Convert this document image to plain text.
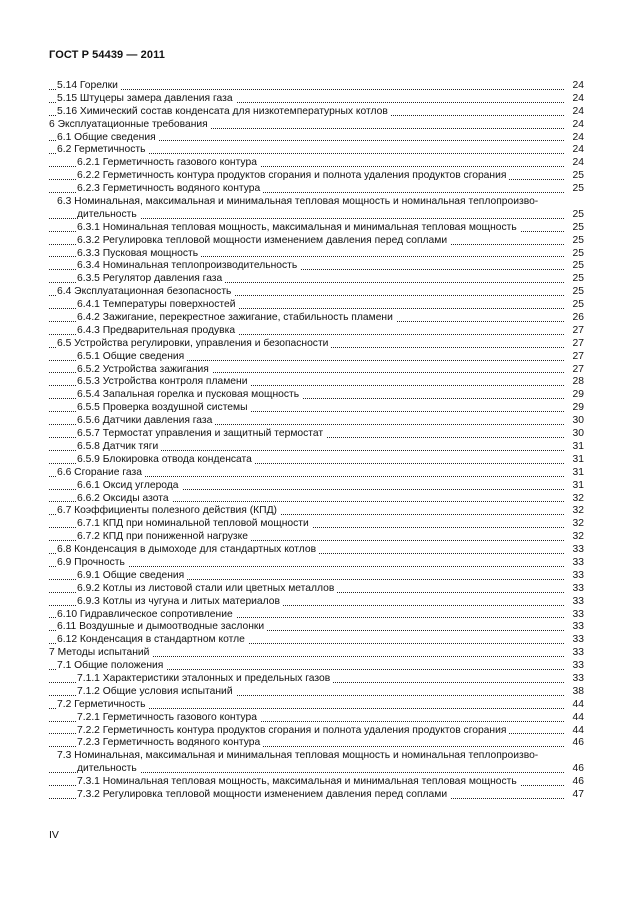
ГОСТ Р 54439 — 2011
5.14 Горелки	24
5.15 Штуцеры замера давления газа	24
5.16 Химический состав конденсата для низкотемпературных котлов	24
6 Эксплуатационные требования	24
6.1 Общие сведения	24
6.2 Герметичность	24
6.2.1 Герметичность газового контура	24
6.2.2 Герметичность контура продуктов сгорания и полнота удаления продуктов сгорания	25
6.2.3 Герметичность водяного контура	25
6.3 Номинальная, максимальная и минимальная тепловая мощность и номинальная теплопроизво-
дительность	25
6.3.1 Номинальная тепловая мощность, максимальная и минимальная тепловая мощность	25
6.3.2 Регулировка тепловой мощности изменением давления перед соплами	25
6.3.3 Пусковая мощность	25
6.3.4 Номинальная теплопроизводительность	25
6.3.5 Регулятор давления газа	25
6.4 Эксплуатационная безопасность	25
6.4.1 Температуры поверхностей	25
6.4.2 Зажигание, перекрестное зажигание, стабильность пламени	26
6.4.3 Предварительная продувка	27
6.5 Устройства регулировки, управления и безопасности	27
6.5.1 Общие сведения	27
6.5.2 Устройства зажигания	27
6.5.3 Устройства контроля пламени	28
6.5.4 Запальная горелка и пусковая мощность	29
6.5.5 Проверка воздушной системы	29
6.5.6 Датчики давления газа	30
6.5.7 Термостат управления и защитный термостат	30
6.5.8 Датчик тяги	31
6.5.9 Блокировка отвода конденсата	31
6.6 Сгорание газа	31
6.6.1 Оксид углерода	31
6.6.2 Оксиды азота	32
6.7 Коэффициенты полезного действия (КПД)	32
6.7.1 КПД при номинальной тепловой мощности	32
6.7.2 КПД при пониженной нагрузке	32
6.8 Конденсация в дымоходе для стандартных котлов	33
6.9 Прочность	33
6.9.1 Общие сведения	33
6.9.2 Котлы из листовой стали или цветных металлов	33
6.9.3 Котлы из чугуна и литых материалов	33
6.10 Гидравлическое сопротивление	33
6.11 Воздушные и дымоотводные заслонки	33
6.12 Конденсация в стандартном котле	33
7 Методы испытаний	33
7.1 Общие положения	33
7.1.1 Характеристики эталонных и предельных газов	33
7.1.2 Общие условия испытаний	38
7.2 Герметичность	44
7.2.1 Герметичность газового контура	44
7.2.2 Герметичность контура продуктов сгорания и полнота удаления продуктов сгорания	44
7.2.3 Герметичность водяного контура	46
7.3 Номинальная, максимальная и минимальная тепловая мощность и номинальная теплопроизво-
дительность	46
7.3.1 Номинальная тепловая мощность, максимальная и минимальная тепловая мощность	46
7.3.2 Регулировка тепловой мощности изменением давления перед соплами	47
IV
